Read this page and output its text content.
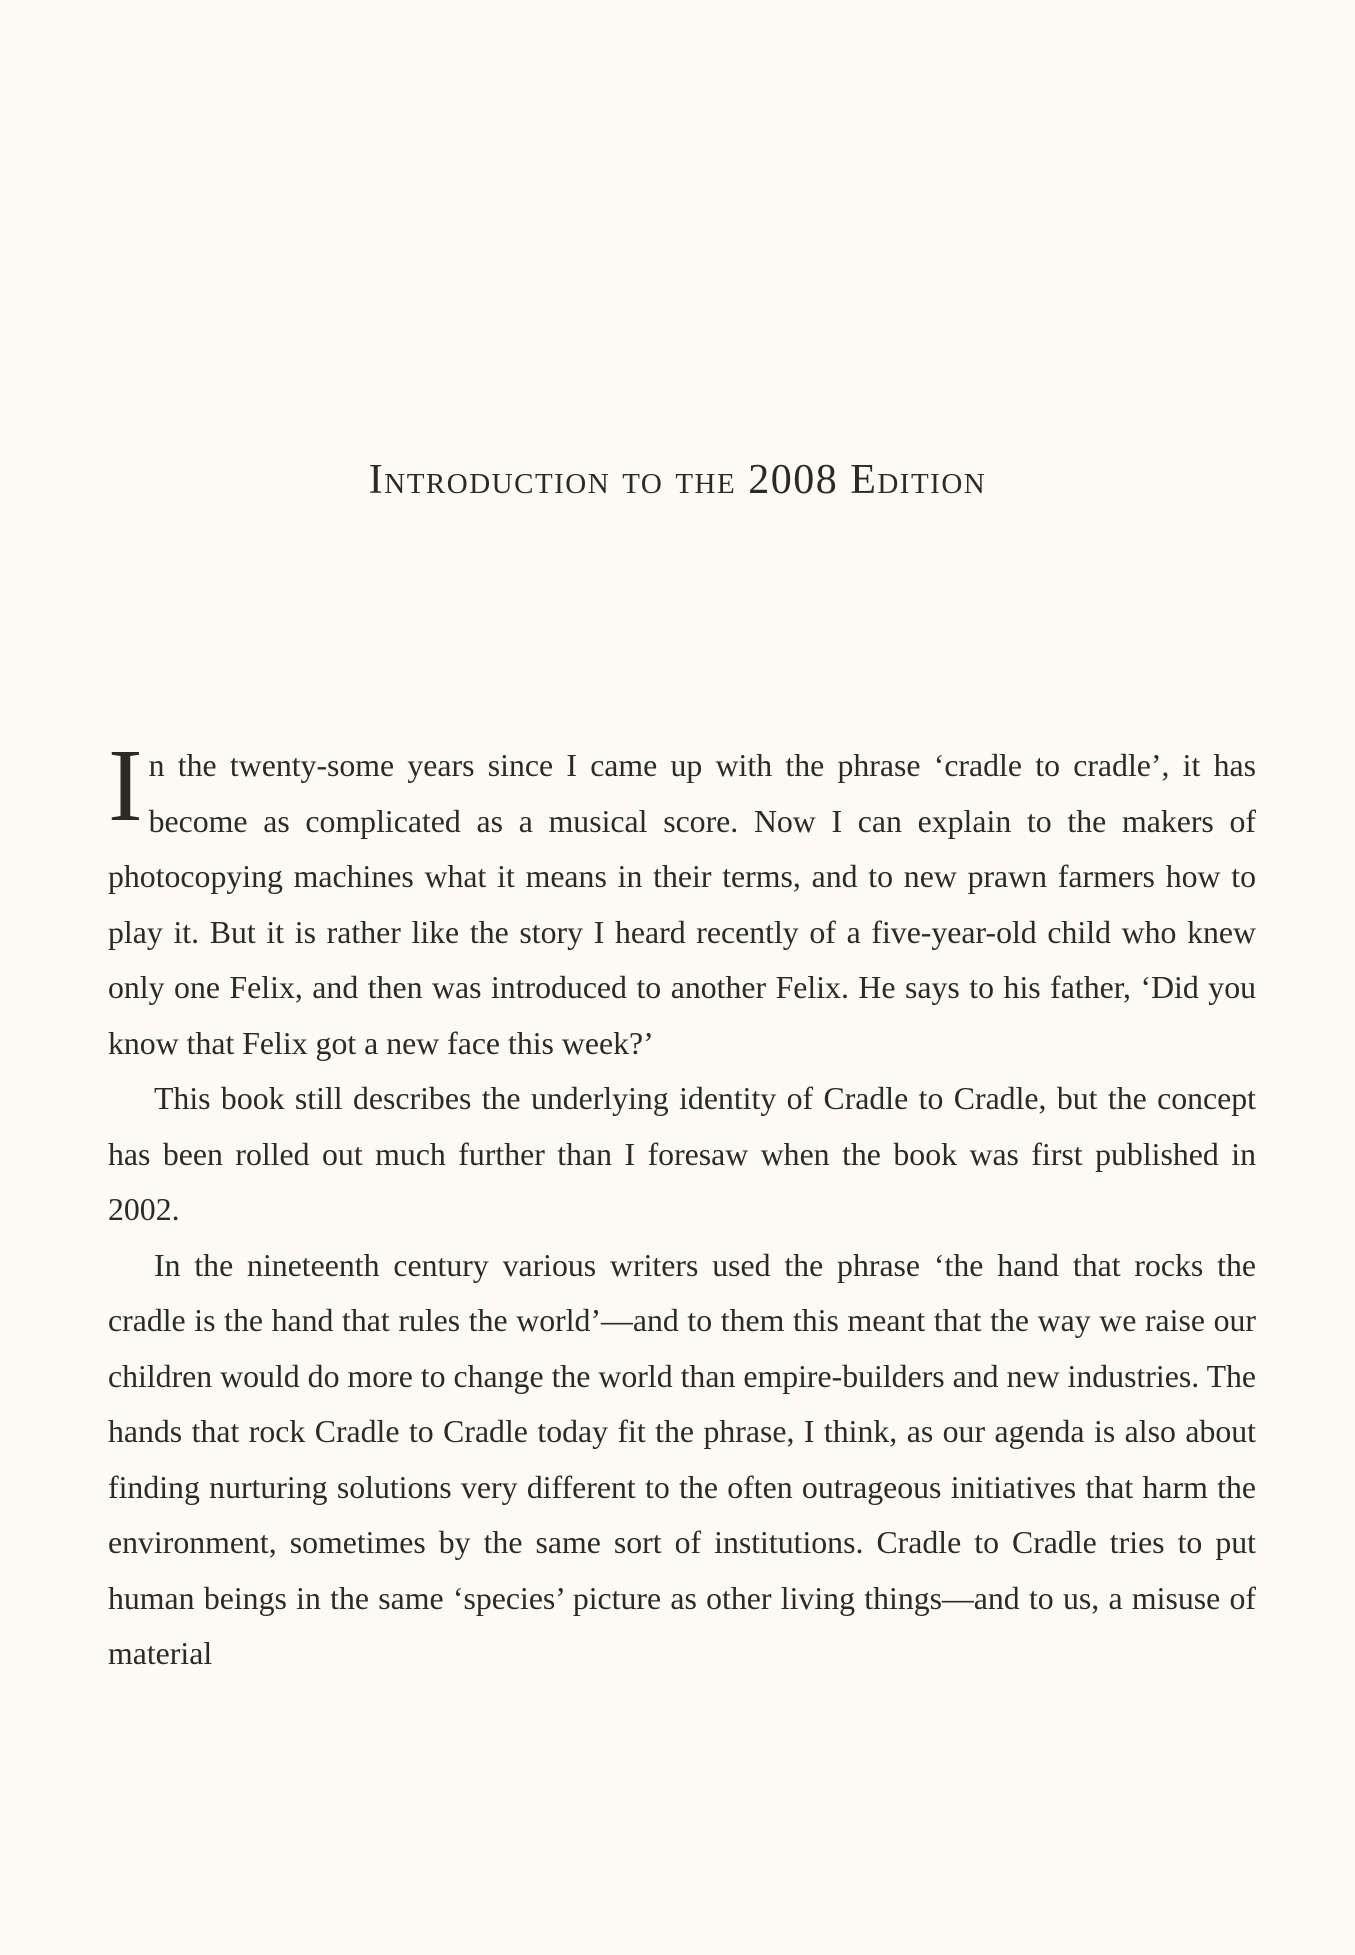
Introduction to the 2008 Edition

In the twenty-some years since I came up with the phrase ‘cradle to cradle’, it has become as complicated as a musical score. Now I can explain to the makers of photocopying machines what it means in their terms, and to new prawn farmers how to play it. But it is rather like the story I heard recently of a five-year-old child who knew only one Felix, and then was introduced to another Felix. He says to his father, ‘Did you know that Felix got a new face this week?’

This book still describes the underlying identity of Cradle to Cradle, but the concept has been rolled out much further than I foresaw when the book was first published in 2002.

In the nineteenth century various writers used the phrase ‘the hand that rocks the cradle is the hand that rules the world’—and to them this meant that the way we raise our children would do more to change the world than empire-builders and new industries. The hands that rock Cradle to Cradle today fit the phrase, I think, as our agenda is also about finding nurturing solutions very different to the often outrageous initiatives that harm the environment, sometimes by the same sort of institutions. Cradle to Cradle tries to put human beings in the same ‘species’ picture as other living things—and to us, a misuse of material
